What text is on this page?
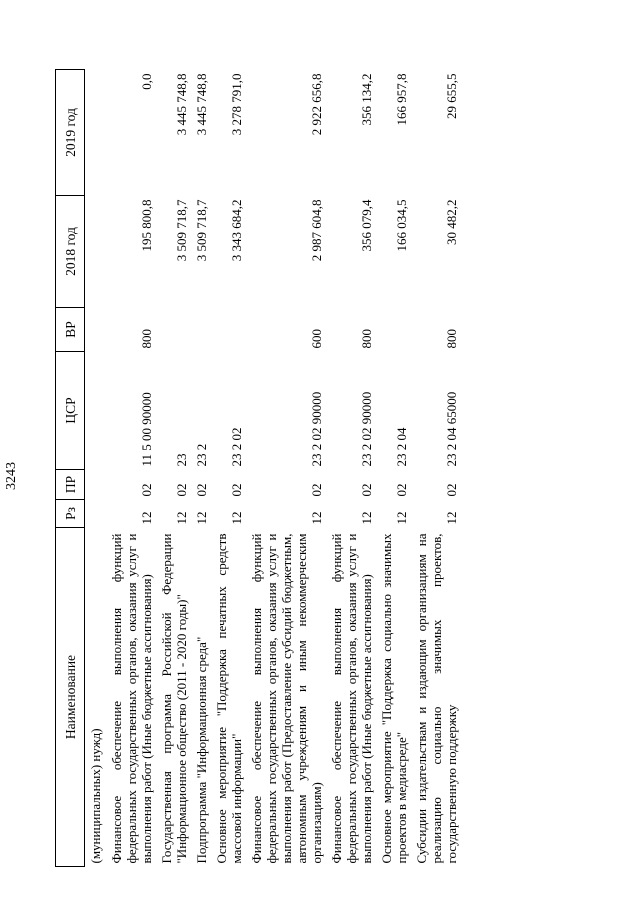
3243
Наименование	Рз	ПР	ЦСР	ВР	2018 год	2019 год
(муниципальных) нужд)						
Финансовое обеспечение выполнения функций федеральных государственных органов, оказания услуг и выполнения работ (Иные бюджетные ассигнования)	12	02	11 5 00 90000	800	195 800,8	0,0
Государственная программа Российской Федерации "Информационное общество (2011 - 2020 годы)"	12	02	23		3 509 718,7	3 445 748,8
Подпрограмма "Информационная среда"	12	02	23 2		3 509 718,7	3 445 748,8
Основное мероприятие "Поддержка печатных средств массовой информации"	12	02	23 2 02		3 343 684,2	3 278 791,0
Финансовое обеспечение выполнения функций федеральных государственных органов, оказания услуг и выполнения работ (Предоставление субсидий бюджетным, автономным учреждениям и иным некоммерческим организациям)	12	02	23 2 02 90000	600	2 987 604,8	2 922 656,8
Финансовое обеспечение выполнения функций федеральных государственных органов, оказания услуг и выполнения работ (Иные бюджетные ассигнования)	12	02	23 2 02 90000	800	356 079,4	356 134,2
Основное мероприятие "Поддержка социально значимых проектов в медиасреде"	12	02	23 2 04		166 034,5	166 957,8
Субсидии издательствам и издающим организациям на реализацию социально значимых проектов, государственную поддержку	12	02	23 2 04 65000	800	30 482,2	29 655,5
